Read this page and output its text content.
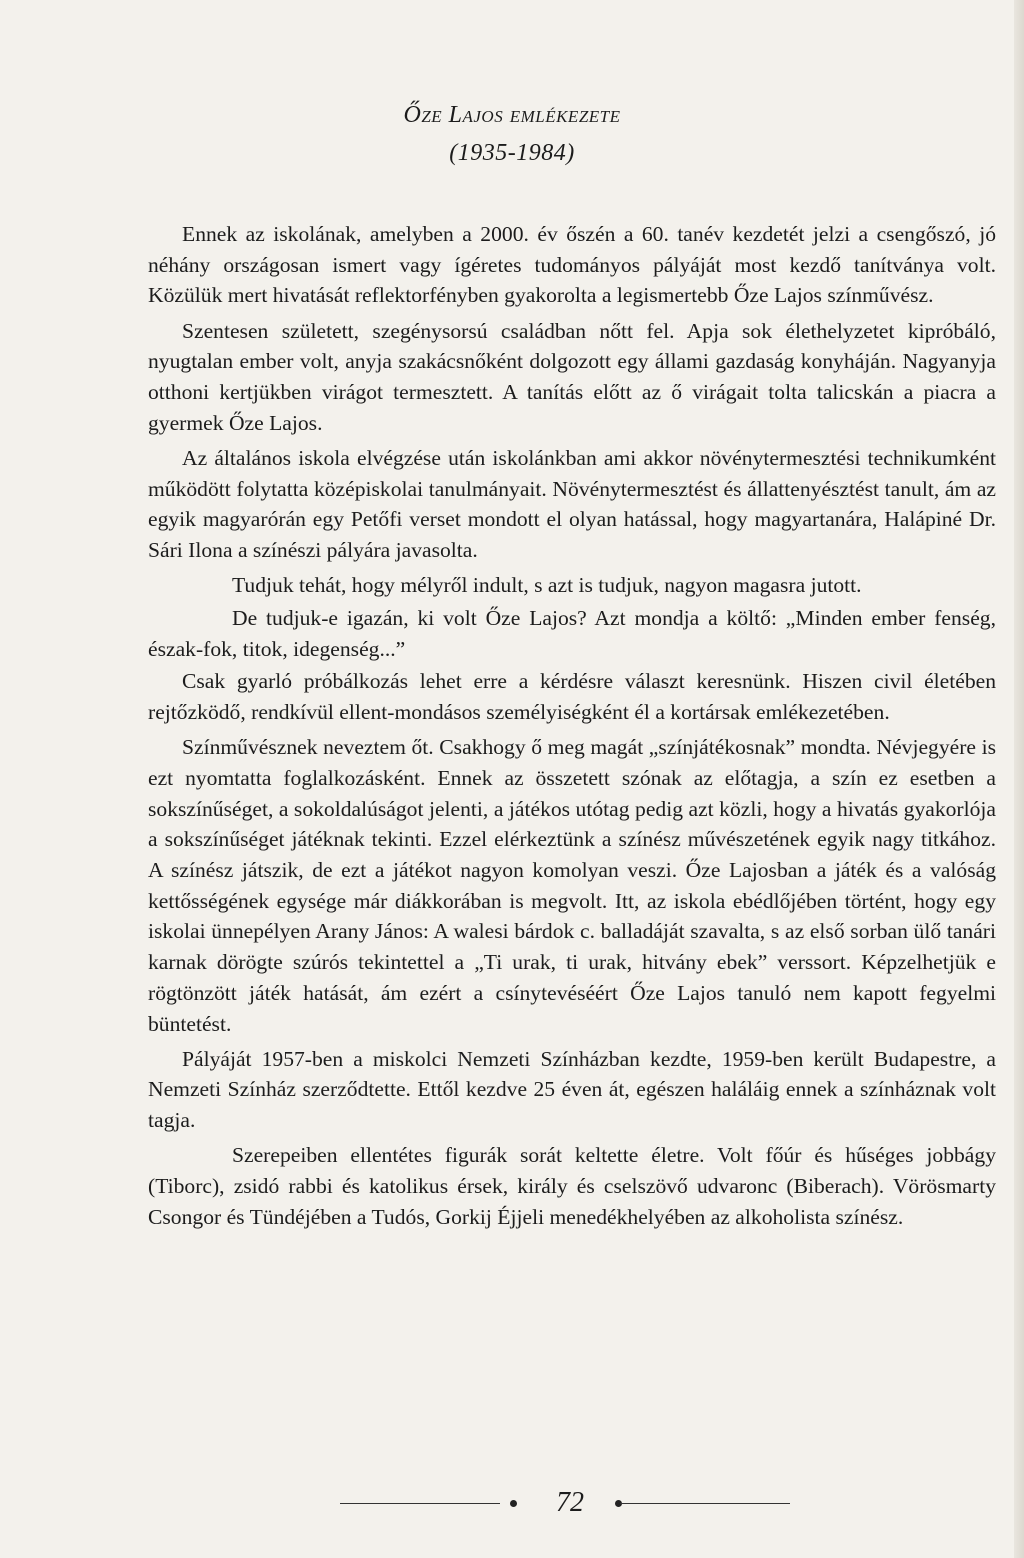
Őze Lajos emlékezete
(1935-1984)

Ennek az iskolának, amelyben a 2000. év őszén a 60. tanév kezdetét jelzi a csengőszó, jó néhány országosan ismert vagy ígéretes tudományos pályáját most kezdő tanítványa volt. Közülük mert hivatását reflektorfényben gyakorolta a legismertebb Őze Lajos színművész.

Szentesen született, szegénysorsú családban nőtt fel. Apja sok élethelyzetet kipróbáló, nyugtalan ember volt, anyja szakácsnőként dolgozott egy állami gazdaság konyháján. Nagyanyja otthoni kertjükben virágot termesztett. A tanítás előtt az ő virágait tolta talicskán a piacra a gyermek Őze Lajos.

Az általános iskola elvégzése után iskolánkban ami akkor növénytermesztési technikumként működött folytatta középiskolai tanulmányait. Növénytermesztést és állattenyésztést tanult, ám az egyik magyarórán egy Petőfi verset mondott el olyan hatással, hogy magyartanára, Halápiné Dr. Sári Ilona a színészi pályára javasolta.

Tudjuk tehát, hogy mélyről indult, s azt is tudjuk, nagyon magasra jutott.

De tudjuk-e igazán, ki volt Őze Lajos? Azt mondja a költő: „Minden ember fenség, észak-fok, titok, idegenség...”

Csak gyarló próbálkozás lehet erre a kérdésre választ keresnünk. Hiszen civil életében rejtőzködő, rendkívül ellent-mondásos személyiségként él a kortársak emlékezetében.

Színművésznek neveztem őt. Csakhogy ő meg magát „színjátékosnak” mondta. Névjegyére is ezt nyomtatta foglalkozásként. Ennek az összetett szónak az előtagja, a szín ez esetben a sokszínűséget, a sokoldalúságot jelenti, a játékos utótag pedig azt közli, hogy a hivatás gyakorlója a sokszínűséget játéknak tekinti. Ezzel elérkeztünk a színész művészetének egyik nagy titkához. A színész játszik, de ezt a játékot nagyon komolyan veszi. Őze Lajosban a játék és a valóság kettősségének egysége már diákkorában is megvolt. Itt, az iskola ebédlőjében történt, hogy egy iskolai ünnepélyen Arany János: A walesi bárdok c. balladáját szavalta, s az első sorban ülő tanári karnak dörögte szúrós tekintettel a „Ti urak, ti urak, hitvány ebek” verssort. Képzelhetjük e rögtönzött játék hatását, ám ezért a csínytevéséért Őze Lajos tanuló nem kapott fegyelmi büntetést.

Pályáját 1957-ben a miskolci Nemzeti Színházban kezdte, 1959-ben került Budapestre, a Nemzeti Színház szerződtette. Ettől kezdve 25 éven át, egészen haláláig ennek a színháznak volt tagja.

Szerepeiben ellentétes figurák sorát keltette életre. Volt főúr és hűséges jobbágy (Tiborc), zsidó rabbi és katolikus érsek, király és cselszövő udvaronc (Biberach). Vörösmarty Csongor és Tündéjében a Tudós, Gorkij Éjjeli menedékhelyében az alkoholista színész.

72
